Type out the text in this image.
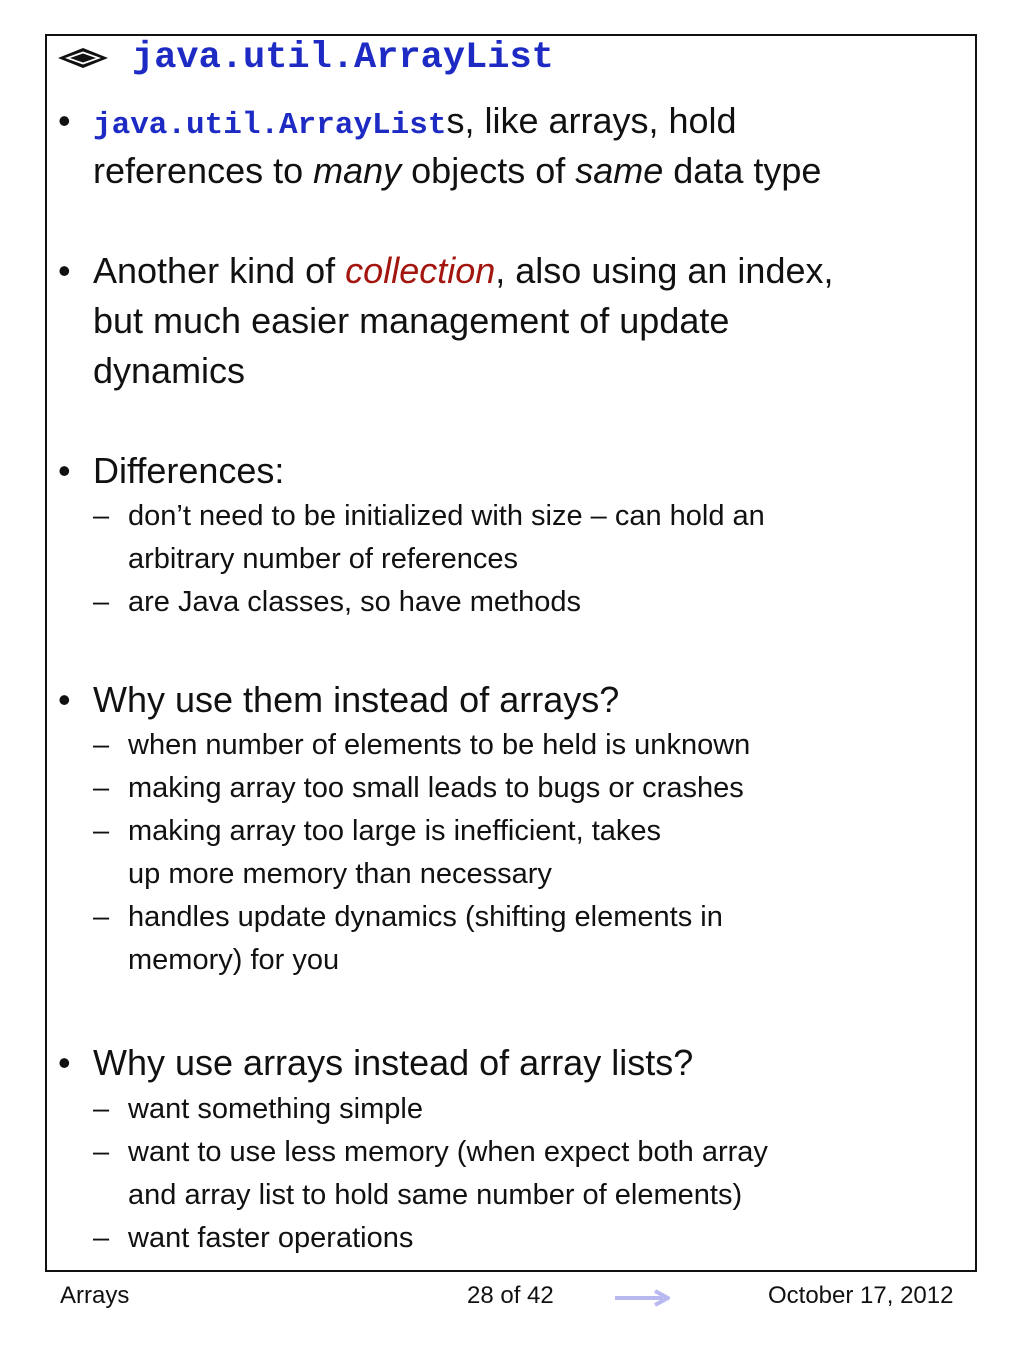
java.util.ArrayList
• java.util.ArrayLists, like arrays, hold
references to many objects of same data type
• Another kind of collection, also using an index,
but much easier management of update
dynamics
• Differences:
– don’t need to be initialized with size – can hold an
arbitrary number of references
– are Java classes, so have methods
• Why use them instead of arrays?
– when number of elements to be held is unknown
– making array too small leads to bugs or crashes
– making array too large is inefficient, takes
up more memory than necessary
– handles update dynamics (shifting elements in
memory) for you
• Why use arrays instead of array lists?
– want something simple
– want to use less memory (when expect both array
and array list to hold same number of elements)
– want faster operations
Arrays	28 of 42	October 17, 2012
